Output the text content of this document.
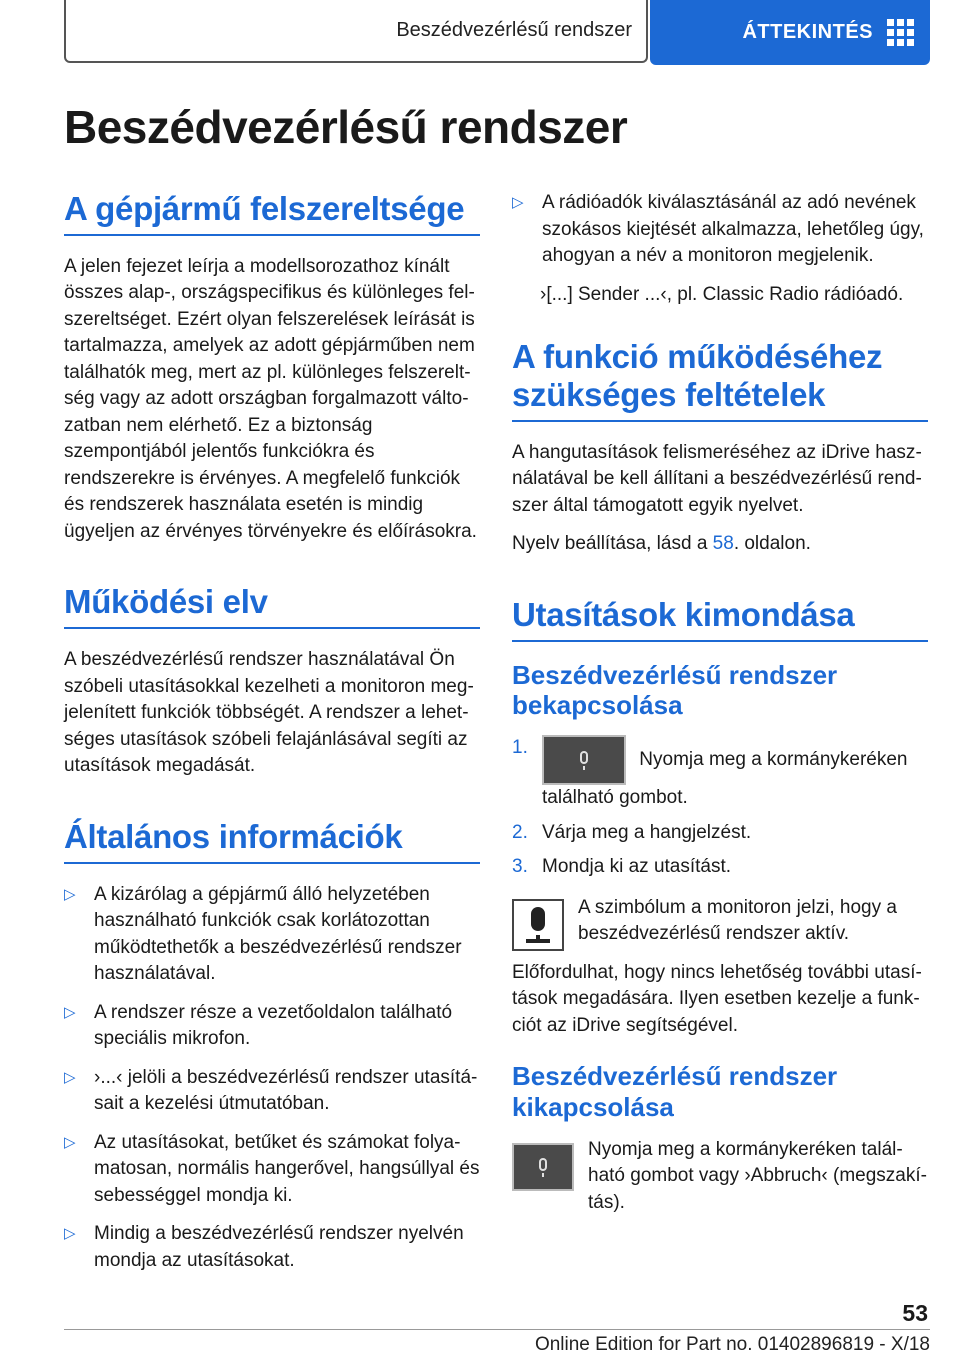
Beszédvezérlésű rendszer	ÁTTEKINTÉS
Beszédvezérlésű rendszer
A gépjármű felszereltsége

A jelen fejezet leírja a modellsorozathoz kínált összes alap-, országspecifikus és különleges felszereltséget. Ezért olyan felszerelések leírását is tartalmazza, amelyek az adott gépjárműben nem találhatók meg, mert az pl. különleges felszereltség vagy az adott országban forgalmazott változatban nem elérhető. Ez a biztonság szempontjából jelentős funkciókra és rendszerekre is érvényes. A megfelelő funkciók és rendszerek használata esetén is mindig ügyeljen az érvényes törvényekre és előírásokra.

Működési elv

A beszédvezérlésű rendszer használatával Ön szóbeli utasításokkal kezelheti a monitoron megjelenített funkciók többségét. A rendszer a lehetséges utasítások szóbeli felajánlásával segíti az utasítások megadását.

Általános információk
▷ A kizárólag a gépjármű álló helyzetében használható funkciók csak korlátozottan működtethetők a beszédvezérlésű rendszer használatával.
▷ A rendszer része a vezetőoldalon található speciális mikrofon.
▷ ›...‹ jelöli a beszédvezérlésű rendszer utasításait a kezelési útmutatóban.
▷ Az utasításokat, betűket és számokat folyamatosan, normális hangerővel, hangsúllyal és sebességgel mondja ki.
▷ Mindig a beszédvezérlésű rendszer nyelvén mondja az utasításokat.
▷ A rádióadók kiválasztásánál az adó nevének szokásos kiejtését alkalmazza, lehetőleg úgy, ahogyan a név a monitoron megjelenik.

›[...] Sender ...‹, pl. Classic Radio rádióadó.

A funkció működéséhez szükséges feltételek

A hangutasítások felismeréséhez az iDrive használatával be kell állítani a beszédvezérlésű rendszer által támogatott egyik nyelvet.

Nyelv beállítása, lásd a 58. oldalon.

Utasítások kimondása
Beszédvezérlésű rendszer bekapcsolása
1.
Nyomja meg a kormánykeréken található gombot.
2. Várja meg a hangjelzést.
3. Mondja ki az utasítást.

A szimbólum a monitoron jelzi, hogy a beszédvezérlésű rendszer aktív.

Előfordulhat, hogy nincs lehetőség további utasítások megadására. Ilyen esetben kezelje a funkciót az iDrive segítségével.

Beszédvezérlésű rendszer kikapcsolása

Nyomja meg a kormánykeréken található gombot vagy ›Abbruch‹ (megszakítás).

53
Online Edition for Part no. 01402896819 - X/18
